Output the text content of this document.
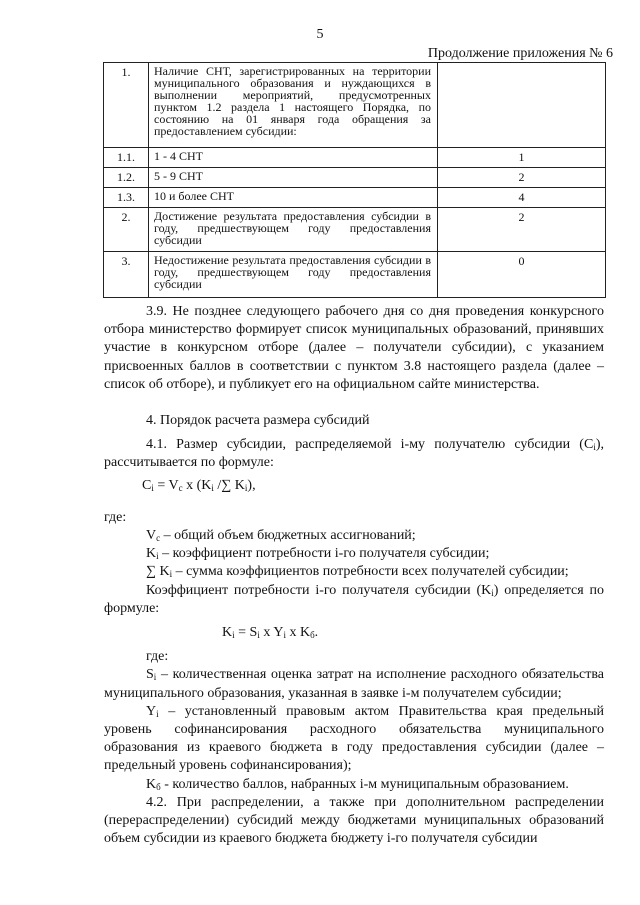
5
Продолжение приложения № 6
1.	Наличие СНТ, зарегистрированных на территории муниципального образования и нуждающихся в выполнении мероприятий, предусмотренных пунктом 1.2 раздела 1 настоящего Порядка, по состоянию на 01 января года обращения за предоставлением субсидии:	
1.1.	1 - 4 СНТ	1
1.2.	5 - 9 СНТ	2
1.3.	10 и более СНТ	4
2.	Достижение результата предоставления субсидии в году, предшествующем году предоставления субсидии	2
3.	Недостижение результата предоставления субсидии в году, предшествующем году предоставления субсидии	0

3.9. Не позднее следующего рабочего дня со дня проведения конкурсного отбора министерство формирует список муниципальных образований, принявших участие в конкурсном отборе (далее – получатели субсидии), с указанием присвоенных баллов в соответствии с пунктом 3.8 настоящего раздела (далее – список об отборе), и публикует его на официальном сайте министерства.

4. Порядок расчета размера субсидий

4.1. Размер субсидии, распределяемой i-му получателю субсидии $(С_i)$, рассчитывается по формуле:

$C_i = V_c$ x ($K_i$ /∑ $K_i$),

где:

$V_c$ – общий объем бюджетных ассигнований;

$K_i$ – коэффициент потребности i-го получателя субсидии;

∑ $K_i$ – сумма коэффициентов потребности всех получателей субсидии;

Коэффициент потребности i-го получателя субсидии $(K_i)$ определяется по формуле:

$K_i = S_i$ x $Y_i$ x $K_б$.

где:

$S_i$ – количественная оценка затрат на исполнение расходного обязательства муниципального образования, указанная в заявке i-м получателем субсидии;

$Y_i$ – установленный правовым актом Правительства края предельный уровень софинансирования расходного обязательства муниципального образования из краевого бюджета в году предоставления субсидии (далее – предельный уровень софинансирования);

$K_б$ - количество баллов, набранных i-м муниципальным образованием.

4.2. При распределении, а также при дополнительном распределении (перераспределении) субсидий между бюджетами муниципальных образований объем субсидии из краевого бюджета бюджету i-го получателя субсидии
